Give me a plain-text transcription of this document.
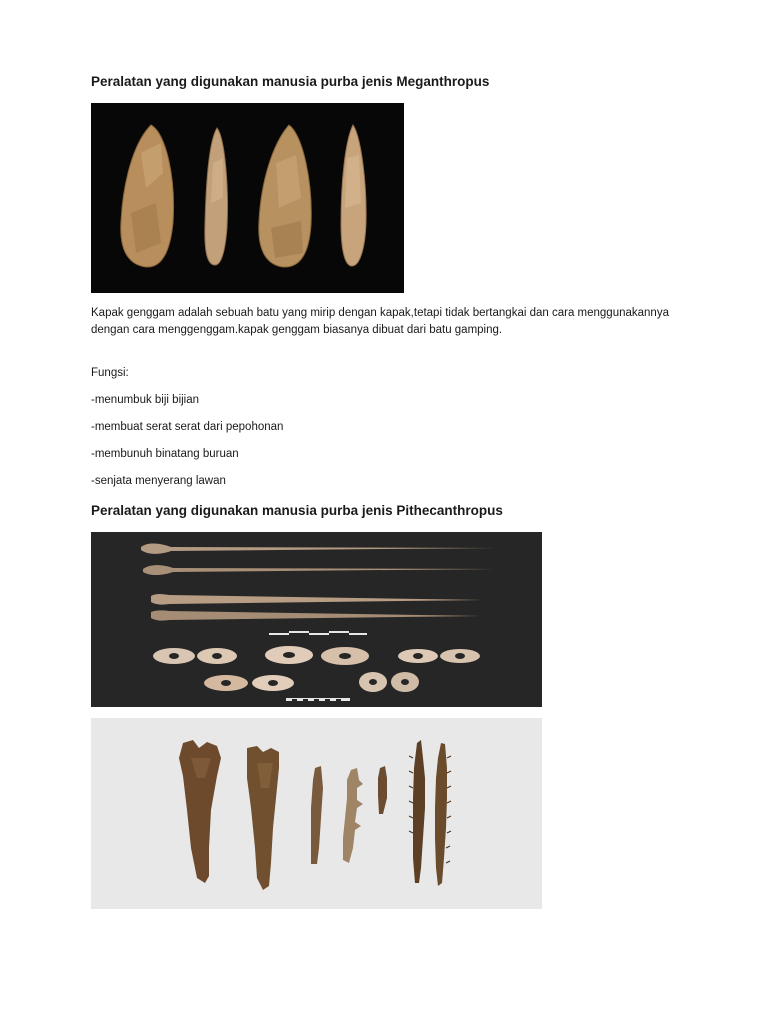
Peralatan yang digunakan manusia purba jenis Meganthropus

Kapak genggam adalah sebuah batu yang mirip dengan kapak,tetapi tidak bertangkai dan cara menggunakannya dengan cara menggenggam.kapak genggam biasanya dibuat dari batu gamping.

Fungsi:

-menumbuk biji bijian

-membuat serat serat dari pepohonan

-membunuh binatang buruan

-senjata menyerang lawan

Peralatan yang digunakan manusia purba jenis Pithecanthropus
